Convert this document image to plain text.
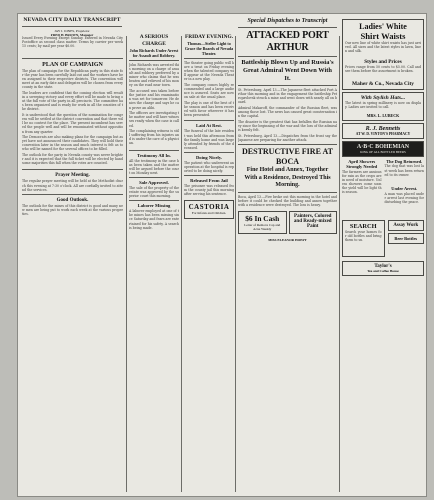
NEVADA CITY DAILY TRANSCRIPT
JAY J. JONES, Proprietor
FRED H. BROWN, Manager

Issued Every Evening Except Sunday. Entered in Nevada City Postoffice as second class matter. Terms by carrier per week 15 cents; by mail per year $6.00.

PLAN OF CAMPAIGN

The plan of campaign for the Republican party in this state for the year has been carefully laid out and the workers have been assigned to their respective districts. The convention will meet at an early date and delegates will be chosen from every county in the state.

The leaders are confident that the coming election will result in a sweeping victory and every effort will be made to bring out the full vote of the party in all precincts. The committee has been organized and is ready for work in all the counties of the district.

It is understood that the question of the nomination for congress will be settled at the district convention and that there will be no contest for the place. The present incumbent has served the people well and will be renominated without opposition from any quarter.

The Democrats are also making plans for the campaign but as yet have not announced their candidates. They will hold their convention later in the season and much interest is felt as to who will be named for the several offices to be filled.

The outlook for the party in Nevada county was never brighter and it is expected that the full ticket will be elected by handsome majorities this fall when the votes are counted.

Prayer Meeting.

The regular prayer meeting will be held at the Methodist church this evening at 7:30 o'clock. All are cordially invited to attend the services.

Good Outlook.

The outlook for the mines of this district is good and many new men are being put to work each week at the various properties.

A SERIOUS CHARGE
John Richards Under Arrest for Assault and Robbery.

John Richards was arrested this morning on a charge of assault and robbery preferred by a miner who claims that he was beaten and relieved of his money on the road near town.

The accused was taken before the justice and his examination was set for tomorrow. He denies the charge and says he can prove an alibi.

The officers are investigating the matter and will have witnesses ready when the case is called.

The complaining witness is still suffering from his injuries and is under the care of a physician.

Testimony All In.

All the testimony in the case has been taken and the matter will be argued before the court on Monday next.

Sale Approved.

The sale of the property of the estate was approved by the superior court this morning.

Laborer Missing

A laborer employed at one of the mines has been missing since Saturday and fears are entertained for his safety. A search is being made.

FRIDAY EVENING.
Thomas—Steller Light to Grace the Boards of Nevada Theater.

The theater going public will have a treat on Friday evening when the talented company will appear at the Nevada Theater in a new play.

The company comes highly recommended and a large audience is assured. Seats are now on sale at the usual place.

The play is one of the best of the season and has been received with favor wherever it has been presented.

Laid At Rest.

The funeral of the late resident was held this afternoon from the family home and was largely attended by friends of the deceased.

Doing Nicely.

The patient who underwent an operation at the hospital is reported to be doing nicely.

Released From Jail

The prisoner was released from the county jail this morning after serving his sentence.

CASTORIA
For Infants and Children.
Special Dispatches to Transcript
ATTACKED PORT ARTHUR
Battleship Blown Up and Russia's Great Admiral Went Down With It.

St. Petersburg, April 13.—The Japanese fleet attacked Port Arthur this morning and in the engagement the battleship Petropavlovsk struck a mine and went down with nearly all on board.

Admiral Makaroff, the commander of the Russian fleet, was among those lost. The news has caused great consternation in the capital.

The disaster is the greatest that has befallen the Russian navy since the beginning of the war and the loss of the admiral is keenly felt.

St. Petersburg, April 13.—Dispatches from the front say the Japanese are preparing for another attack.

DESTRUCTIVE FIRE AT BOCA
Fine Hotel and Annex, Together With a Residence, Destroyed This Morning.

Boca, April 13.—Fire broke out this morning in the hotel and before it could be checked the building and annex together with a residence were destroyed. The loss is heavy.

$6 In Cash
Letter of Remove Cap and Acne Weekly
Painters, Colored and Ready-mixed Paint
MISS ELEANOR HOEFT
Ladies' White
Shirt Waists

Our new line of white shirt waists has just arrived. All sizes and the latest styles in lawn, linen and silk.

Styles and Prices

Prices range from 50 cents to $5.00. Call and see them before the assortment is broken.

Maher & Co., Nevada City
With Stylish Hats...

The latest in spring millinery is now on display. Ladies are invited to call.

MRS. L. LUBECK
R. J. Bennetts
AT W. D. VINTON'S PHARMACY
A·B·C BOHEMIAN
KING OF ALL BOTTLED BEERS
April Showers Strongly Needed

The farmers are anxious for rain as the crops are in need of moisture. Unless showers come soon the yield will be light this season.

The Dog Returned.

The dog that was lost last week has been returned to its owner.

Under Arrest.

A man was placed under arrest last evening for disturbing the peace.

SEARCH

Search your homes for old bottles and bring them to us.

Assay Work
Beer Bottles
Taylor's
Tea and Coffee House
